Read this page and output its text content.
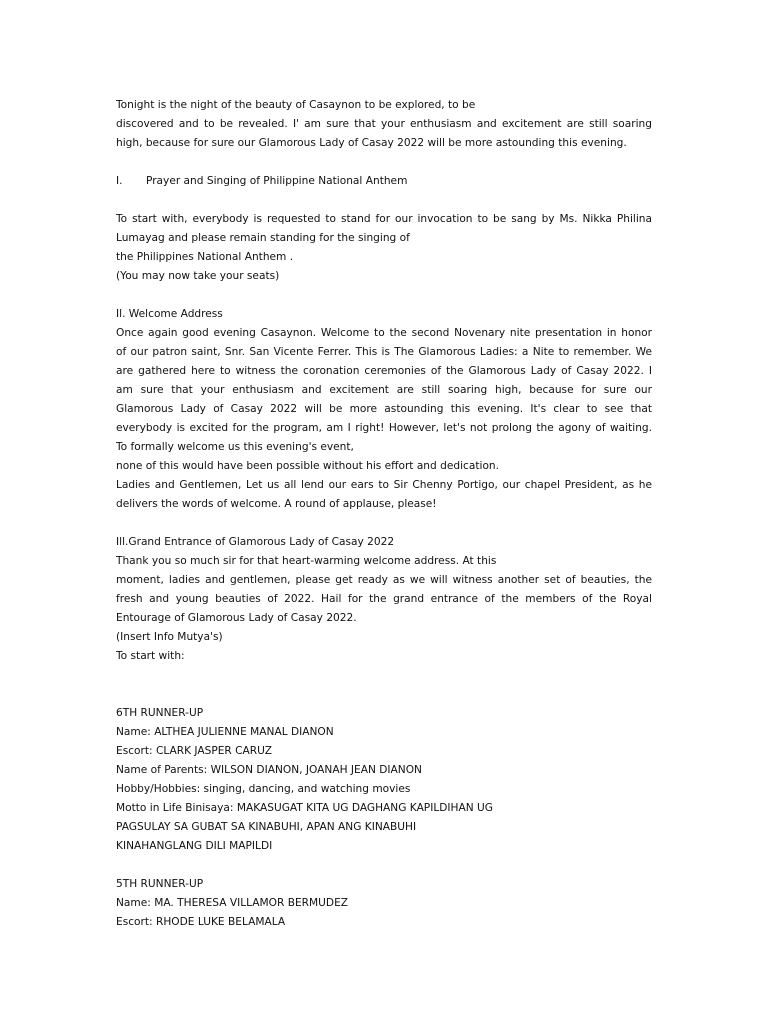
Tonight is the night of the beauty of Casaynon to be explored, to be
discovered and to be revealed. I' am sure that your enthusiasm and excitement are still soaring
high, because for sure our Glamorous Lady of Casay 2022 will be more astounding this evening.
I.	Prayer and Singing of Philippine National Anthem
To start with, everybody is requested to stand for our invocation to be sang by Ms. Nikka Philina
Lumayag and please remain standing for the singing of
the Philippines National Anthem .
(You may now take your seats)
Il. Welcome Address
Once again good evening Casaynon. Welcome to the second Novenary nite presentation in honor
of our patron saint, Snr. San Vicente Ferrer. This is The Glamorous Ladies: a Nite to remember. We
are gathered here to witness the coronation ceremonies of the Glamorous Lady of Casay 2022. I
am sure that your enthusiasm and excitement are still soaring high, because for sure our
Glamorous Lady of Casay 2022 will be more astounding this evening. It's clear to see that
everybody is excited for the program, am I right! However, let's not prolong the agony of waiting.
To formally welcome us this evening's event,
none of this would have been possible without his effort and dedication.
Ladies and Gentlemen, Let us all lend our ears to Sir Chenny Portigo, our chapel President, as he
delivers the words of welcome. A round of applause, please!
Ill.Grand Entrance of Glamorous Lady of Casay 2022
Thank you so much sir for that heart-warming welcome address. At this
moment, ladies and gentlemen, please get ready as we will witness another set of beauties, the
fresh and young beauties of 2022. Hail for the grand entrance of the members of the Royal
Entourage of Glamorous Lady of Casay 2022.
(Insert Info Mutya's)
To start with:
6TH RUNNER-UP
Name: ALTHEA JULIENNE MANAL DIANON
Escort: CLARK JASPER CARUZ
Name of Parents: WILSON DIANON, JOANAH JEAN DIANON
Hobby/Hobbies: singing, dancing, and watching movies
Motto in Life Binisaya: MAKASUGAT KITA UG DAGHANG KAPILDIHAN UG
PAGSULAY SA GUBAT SA KINABUHI, APAN ANG KINABUHI
KINAHANGLANG DILI MAPILDI
5TH RUNNER-UP
Name: MA. THERESA VILLAMOR BERMUDEZ
Escort: RHODE LUKE BELAMALA
